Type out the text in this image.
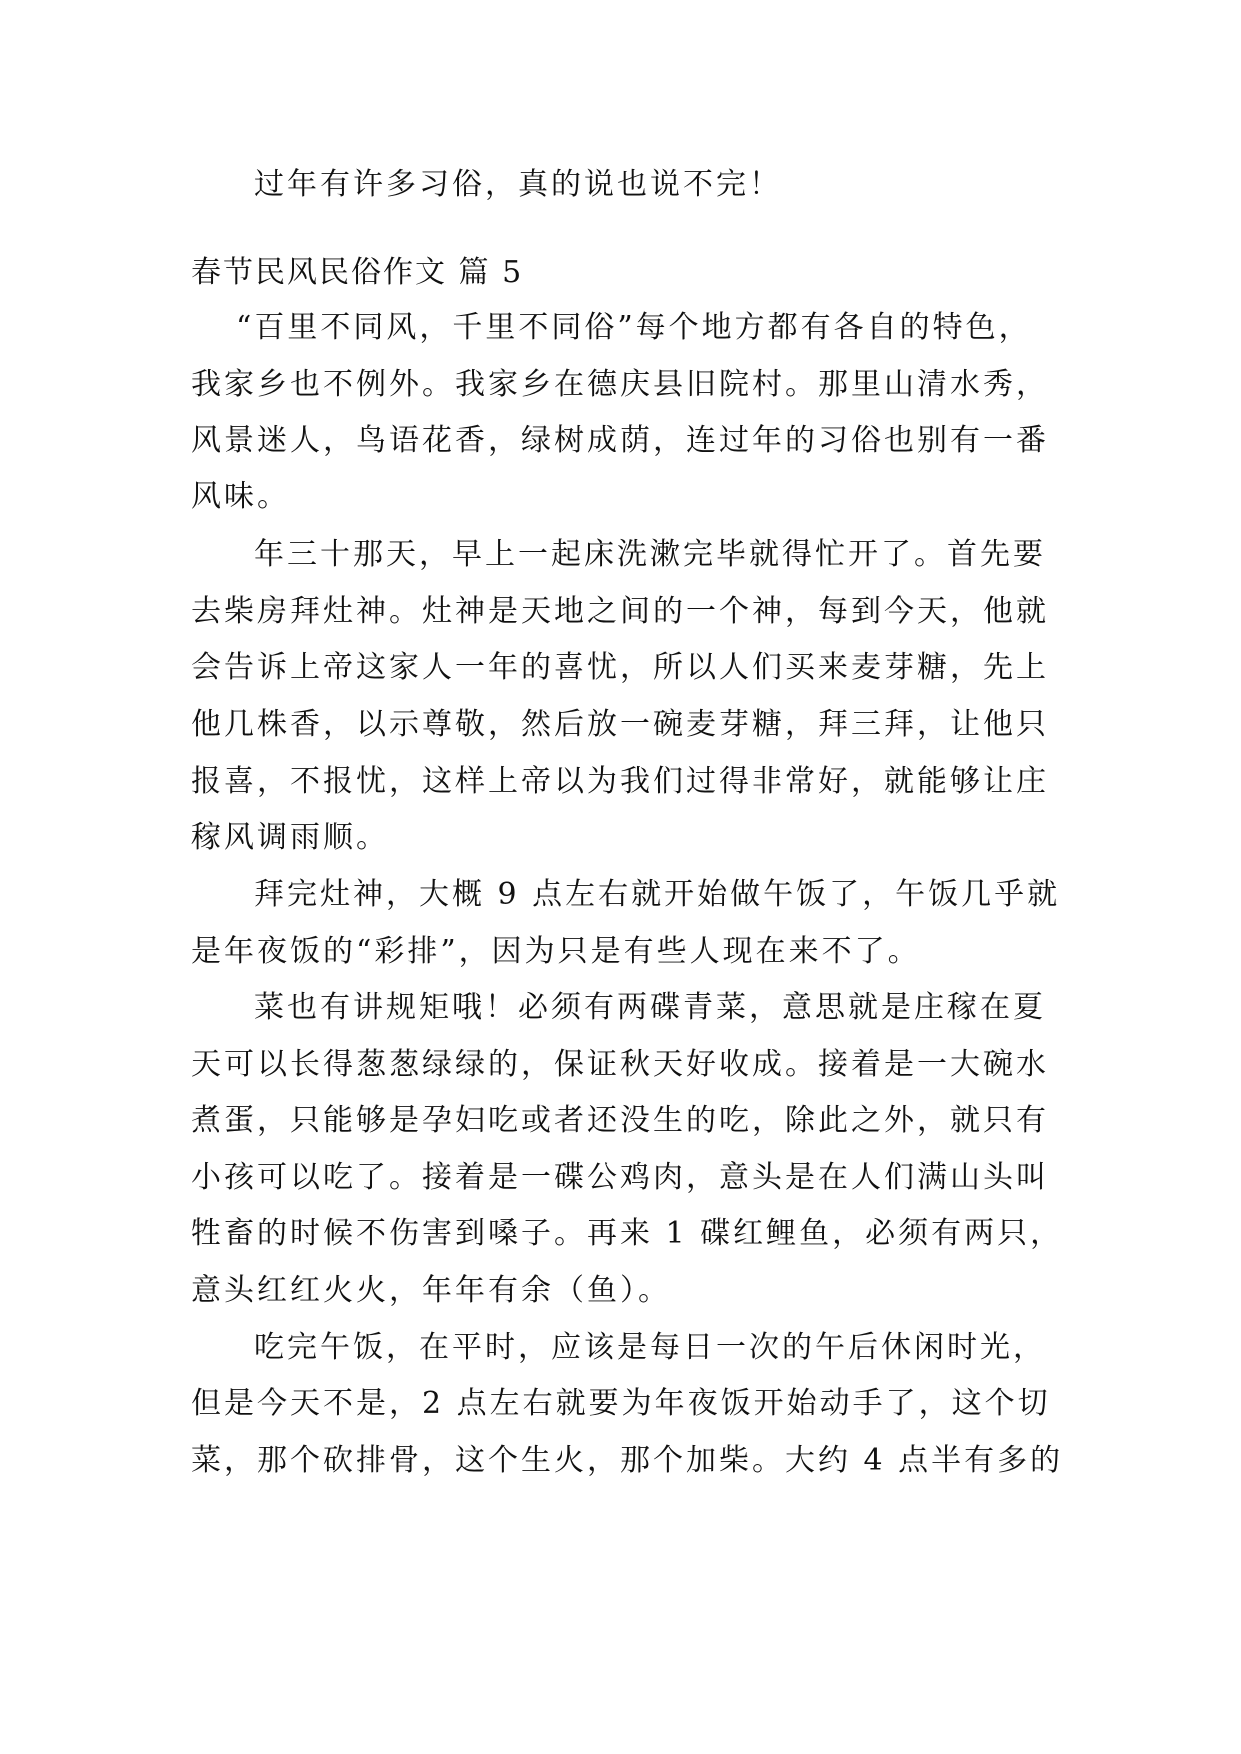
过年有许多习俗，真的说也说不完！
春节民风民俗作文 篇 5
“百里不同风，千里不同俗”每个地方都有各自的特色，
我家乡也不例外。我家乡在德庆县旧院村。那里山清水秀，
风景迷人，鸟语花香，绿树成荫，连过年的习俗也别有一番
风味。
年三十那天，早上一起床洗漱完毕就得忙开了。首先要
去柴房拜灶神。灶神是天地之间的一个神，每到今天，他就
会告诉上帝这家人一年的喜忧，所以人们买来麦芽糖，先上
他几株香，以示尊敬，然后放一碗麦芽糖，拜三拜，让他只
报喜，不报忧，这样上帝以为我们过得非常好，就能够让庄
稼风调雨顺。
拜完灶神，大概 9 点左右就开始做午饭了，午饭几乎就
是年夜饭的“彩排”，因为只是有些人现在来不了。
菜也有讲规矩哦！必须有两碟青菜，意思就是庄稼在夏
天可以长得葱葱绿绿的，保证秋天好收成。接着是一大碗水
煮蛋，只能够是孕妇吃或者还没生的吃，除此之外，就只有
小孩可以吃了。接着是一碟公鸡肉，意头是在人们满山头叫
牲畜的时候不伤害到嗓子。再来 1 碟红鲤鱼，必须有两只，
意头红红火火，年年有余（鱼）。
吃完午饭，在平时，应该是每日一次的午后休闲时光，
但是今天不是，2 点左右就要为年夜饭开始动手了，这个切
菜，那个砍排骨，这个生火，那个加柴。大约 4 点半有多的
